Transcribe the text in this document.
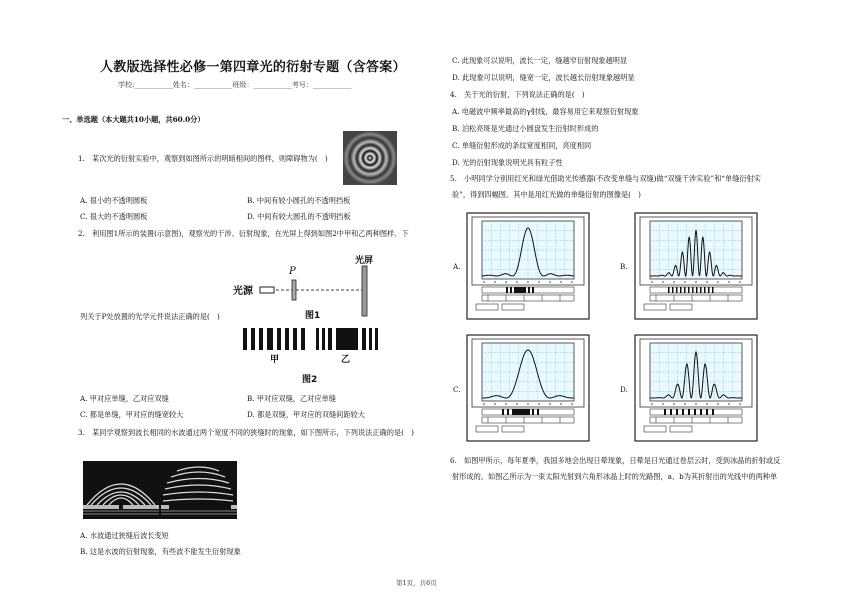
人教版选择性必修一第四章光的衍射专题（含答案）
学校:___________姓名：___________班级：___________考号：___________
一、单选题（本大题共10小题，共60.0分）
1.　某次光的衍射实验中，观察到如图所示的明暗相间的图样，则障碍物为(　)
A. 很小的不透明圆板	B. 中间有较小圆孔的不透明挡板
C. 很大的不透明圆板	D. 中间有较大圆孔的不透明挡板
2.　利用图1所示的装置(示意图)，观察光的干涉、衍射现象，在光屏上得到如图2中甲和乙两种图样．下
列关于P处放置的光学元件说法正确的是(　)
光源
P
光屏
图1
甲	乙
图2
A. 甲对应单缝，乙对应双缝	B. 甲对应双缝，乙对应单缝
C. 都是单缝，甲对应的缝宽较大	D. 都是双缝，甲对应的双缝间距较大
3.　某同学观察到波长相同的水波通过两个宽度不同的狭缝时的现象，如下图所示，下列说法正确的是(　)
A. 水波通过狭缝后波长变短
B. 这是水波的衍射现象，有些波不能发生衍射现象
C. 此现象可以说明，波长一定，缝越窄衍射现象越明显
D. 此现象可以说明，缝宽一定，波长越长衍射现象越明显
4.　关于光的衍射，下列说法正确的是(　)
A. 电磁波中频率最高的γ射线，最容易用它来观察衍射现象
B. 泊松亮斑是光通过小圆盘发生衍射时形成的
C. 单缝衍射形成的条纹宽度相同，亮度相同
D. 光的衍射现象说明光具有粒子性
5.　小明同学分别用红光和绿光借助光传感器(不改变单缝与双缝)做“双缝干涉实验”和“单缝衍射实
验”，得到四幅图。其中是用红光做的单缝衍射的图像是(　)
A.	B.
C.	D.
6.　如图甲所示，每年夏季，我国多地会出现日晕现象，日晕是日光通过卷层云时，受到冰晶的折射或反
射形成的。如图乙所示为一束太阳光射到六角形冰晶上时的光路图，a、b为其折射出的光线中的两种单
第1页，共6页
